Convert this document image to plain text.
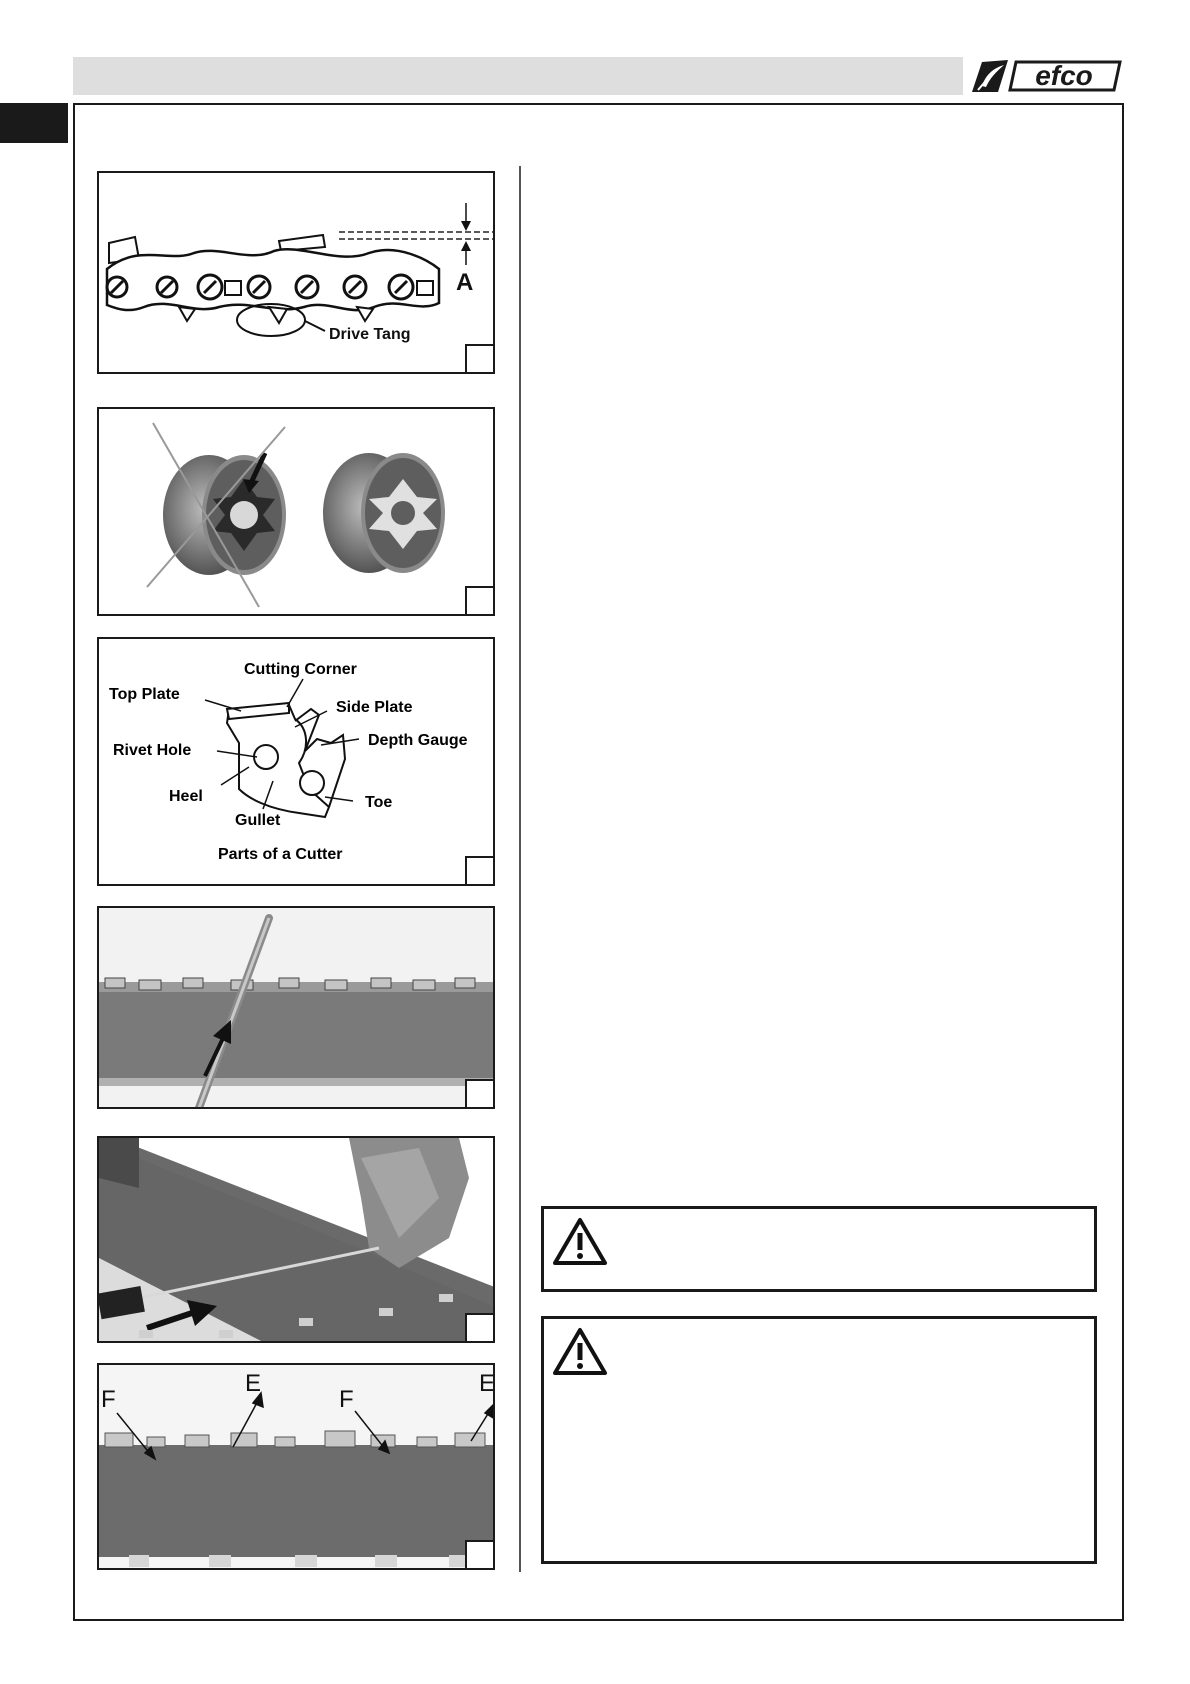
efco
Drive Tang
A
Cutting Corner
Top Plate
Side Plate
Depth Gauge
Rivet Hole
Heel
Gullet
Toe
Parts of a Cutter
F
E
F
E
